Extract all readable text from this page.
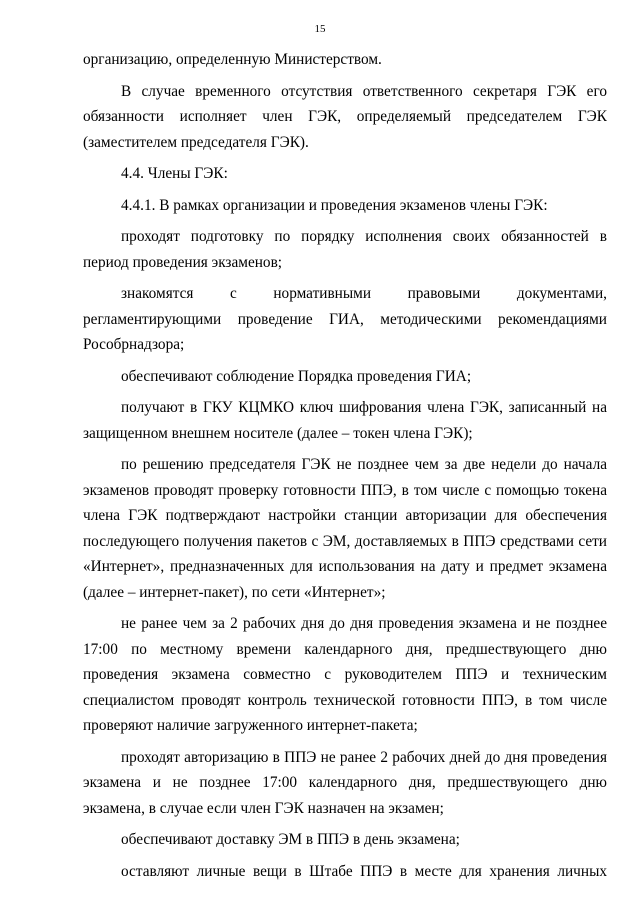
15

организацию, определенную Министерством.

В случае временного отсутствия ответственного секретаря ГЭК его обязанности исполняет член ГЭК, определяемый председателем ГЭК (заместителем председателя ГЭК).

4.4. Члены ГЭК:

4.4.1. В рамках организации и проведения экзаменов члены ГЭК:

проходят подготовку по порядку исполнения своих обязанностей в период проведения экзаменов;

знакомятся с нормативными правовыми документами, регламентирующими проведение ГИА, методическими рекомендациями Рособрнадзора;

обеспечивают соблюдение Порядка проведения ГИА;

получают в ГКУ КЦМКО ключ шифрования члена ГЭК, записанный на защищенном внешнем носителе (далее – токен члена ГЭК);

по решению председателя ГЭК не позднее чем за две недели до начала экзаменов проводят проверку готовности ППЭ, в том числе с помощью токена члена ГЭК подтверждают настройки станции авторизации для обеспечения последующего получения пакетов с ЭМ, доставляемых в ППЭ средствами сети «Интернет», предназначенных для использования на дату и предмет экзамена (далее – интернет-пакет), по сети «Интернет»;

не ранее чем за 2 рабочих дня до дня проведения экзамена и не позднее 17:00 по местному времени календарного дня, предшествующего дню проведения экзамена совместно с руководителем ППЭ и техническим специалистом проводят контроль технической готовности ППЭ, в том числе проверяют наличие загруженного интернет-пакета;

проходят авторизацию в ППЭ не ранее 2 рабочих дней до дня проведения экзамена и не позднее 17:00 календарного дня, предшествующего дню экзамена, в случае если член ГЭК назначен на экзамен;

обеспечивают доставку ЭМ в ППЭ в день экзамена;

оставляют личные вещи в Штабе ППЭ в месте для хранения личных
